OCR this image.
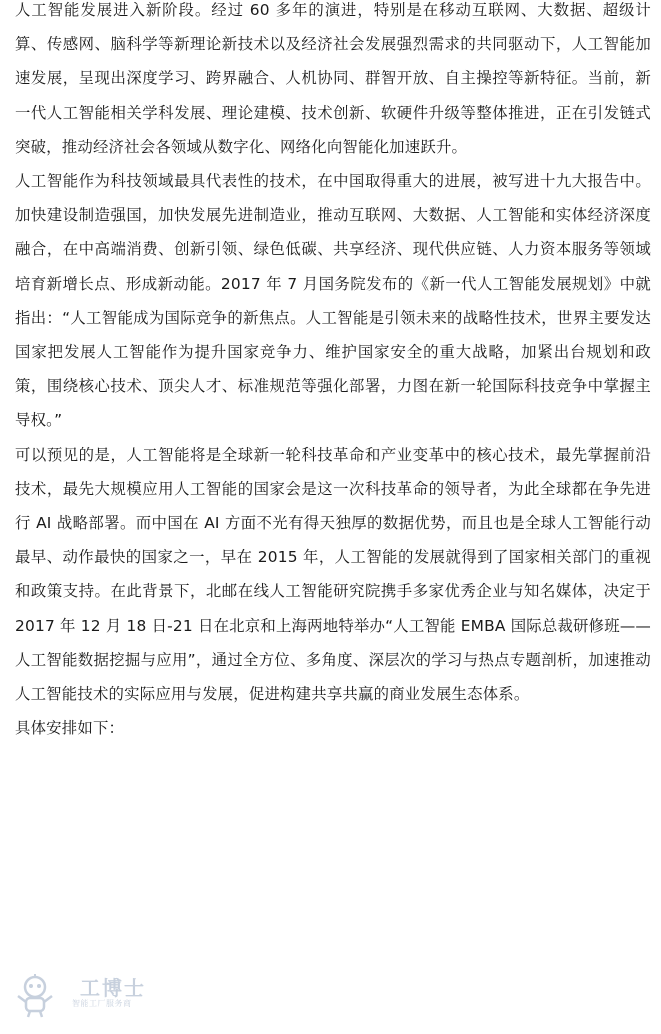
人工智能发展进入新阶段。经过 60 多年的演进，特别是在移动互联网、大数据、超级计算、传感网、脑科学等新理论新技术以及经济社会发展强烈需求的共同驱动下，人工智能加速发展，呈现出深度学习、跨界融合、人机协同、群智开放、自主操控等新特征。当前，新一代人工智能相关学科发展、理论建模、技术创新、软硬件升级等整体推进，正在引发链式突破，推动经济社会各领域从数字化、网络化向智能化加速跃升。

人工智能作为科技领域最具代表性的技术，在中国取得重大的进展，被写进十九大报告中。加快建设制造强国，加快发展先进制造业，推动互联网、大数据、人工智能和实体经济深度融合，在中高端消费、创新引领、绿色低碳、共享经济、现代供应链、人力资本服务等领域培育新增长点、形成新动能。2017 年 7 月国务院发布的《新一代人工智能发展规划》中就指出：“人工智能成为国际竞争的新焦点。人工智能是引领未来的战略性技术，世界主要发达国家把发展人工智能作为提升国家竞争力、维护国家安全的重大战略，加紧出台规划和政策，围绕核心技术、顶尖人才、标准规范等强化部署，力图在新一轮国际科技竞争中掌握主导权。”

可以预见的是，人工智能将是全球新一轮科技革命和产业变革中的核心技术，最先掌握前沿技术，最先大规模应用人工智能的国家会是这一次科技革命的领导者，为此全球都在争先进行 AI 战略部署。而中国在 AI 方面不光有得天独厚的数据优势，而且也是全球人工智能行动最早、动作最快的国家之一，早在 2015 年，人工智能的发展就得到了国家相关部门的重视和政策支持。在此背景下，北邮在线人工智能研究院携手多家优秀企业与知名媒体，决定于 2017 年 12 月 18 日-21 日在北京和上海两地特举办“人工智能 EMBA 国际总裁研修班——人工智能数据挖掘与应用”，通过全方位、多角度、深层次的学习与热点专题剖析，加速推动人工智能技术的实际应用与发展，促进构建共享共赢的商业发展生态体系。

具体安排如下：

工博士
智能工厂服务商
